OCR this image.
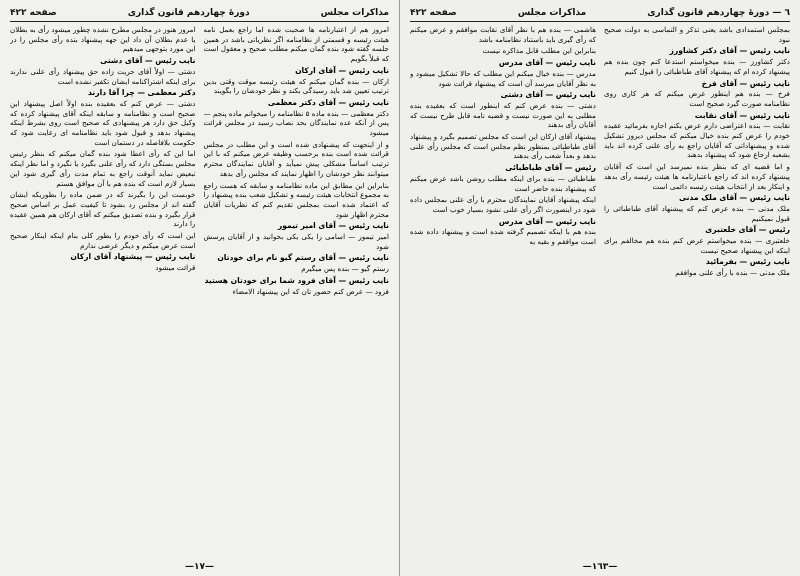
مذاکرات مجلس
دورهٔ چهاردهم قانون گذاری
صفحه ۴۲۲

امروز هم از اعتبارنامه ها صحبت شده اما راجع بعمل نامه هیئت رئیسه و قسمتی از نظامنامه اگر نظریاتی باشد در همین جلسه گفته شود بنده گمان میکنم مطلب صحیح و معقول است که قبلاً بگویم

نایب رئیس — آقای ارکان

ارکان — بنده گمان میکنم که هیئت رئیسه موقت وقتی بدین ترتیب تعیین شد باید رسیدگی بکند و نظر خودشان را بگویند

نایب رئیس — آقای دکتر معظمی

دکتر معظمی — بنده ماده ۵ نظامنامه را میخوانم ماده پنجم — پس از آنکه عده نمایندگان بحد نصاب رسید در مجلس قرائت میشود

و از اینجهت که پیشنهادی شده است و این مطلب در مجلس قرائت شده است بنده برحسب وظیفه عرض میکنم که با این ترتیب اساساً مشکلی پیش نمیآید و آقایان نمایندگان محترم میتوانند نظر خودشان را اظهار نمایند که مجلس رأی بدهد

بنابراین این مطابق این ماده نظامنامه و سابقه که هست راجع به مجموع انتخابات هیئت رئیسه و تشکیل شعب بنده پیشنهاد را که اعتماد شده است بمجلس تقدیم کنم که نظریات آقایان محترم اظهار شود

نایب رئیس — آقای امیر تیمور

امیر تیمور — اسامی را یکی یکی بخوانید و از آقایان پرسش شود

نایب رئیس — آقای رستم گیو نام برای خودتان

رستم گیو — بنده پس میگیرم

نایب رئیس — آقای فرود شما برای خودتان هستید

فرود — عرض کنم حضور تان که این پیشنهاد الامضاء

امروز هنوز در مجلس مطرح نشده چطور میشود رأی به بطلان یا عدم بطلان آن داد این جهه پیشنهاد بنده رأی مجلس را در این مورد بتوجهی میدهیم

نایب رئیس — آقای دشتی

دشتی — اولاً آقای حریت زاده حق پیشنهاد رأی علنی ندارند برای اینکه اشتراکنامه ایشان تکفیر نشده است

دکتر معظمی — چرا آقا دارند

دشتی — عرض کنم که بعقیده بنده اولاً اصل پیشنهاد این صحیح است و نظامنامه و سابقه اینکه آقای پیشنهاد کرده که وکیل حق دارد هر پیشنهادی که صحیح است روی بشرط اینکه پیشنهاد بدهد و قبول شود باید نظامنامه ای رعایت شود که حکومت بلافاصله در دستمان است

اما این که رأی اعطا شود بنده گمان میکنم که بنظر رئیس مجلس بستگی دارد که رأی علنی بگیرد یا نگیرد و اما نظر اینکه تبعیض نماید آنوقت راجع به تمام مدت رأی گیری شود این بسیار لازم است که بنده هم با آن موافق هستم

خوبست این را بگیرند که در ضمن ماده را بطوریکه ایشان گفته اند از مجلس رد بشود تا کیفیت عمل بر اساس صحیح قرار بگیرد و بنده تصدیق میکنم که آقای ارکان هم همین عقیده را دارند

این است که رأی خودم را بطور کلی بنام اینکه اینکار صحیح است عرض میکنم و دیگر عرضی ندارم

نایب رئیس — پیشنهاد آقای ارکان

قرائت میشود

—١٧—
٦ — دورهٔ چهاردهم قانون گذاری
مذاکرات مجلس
صفحه ۴۲۲

بمجلس استمدادی باشد یعنی تذکر و التماسی به دولت صحیح نبود

نایب رئیس — آقای دکتر کشاورز

دکتر کشاورز — بنده میخواستم استدعا کنم چون بنده هم پیشنهاد کرده ام که پیشنهاد آقای طباطبائی را قبول کنیم

نایب رئیس — آقای فرخ

فرخ — بنده هم اینطور عرض میکنم که هر کاری روی نظامنامه صورت گیرد صحیح است

نایب رئیس — آقای نقابت

نقابت — بنده اعتراضی دارم عرض بکنم اجازه بفرمائید عقیده خودم را عرض کنم بنده خیال میکنم که مجلس دیروز تشکیل شده و پیشنهاداتی که آقایان راجع به رأی علنی کرده اند باید بشعبه ارجاع شود که پیشنهاد بدهند

و اما قضیه ای که بنظر بنده نمیرسد این است که آقایان پیشنهاد کرده اند که راجع باعتبارنامه ها هیئت رئیسه رأی بدهد و اینکار بعد از انتخاب هیئت رئیسه دائمی است

نایب رئیس — آقای ملک مدنی

ملک مدنی — بنده عرض کنم که پیشنهاد آقای طباطبائی را قبول نمیکنیم

رئیس — آقای خلعتبری

خلعتبری — بنده میخواستم عرض کنم بنده هم مخالفم برای اینکه این پیشنهاد صحیح نیست

نایب رئیس — بفرمائید

ملک مدنی — بنده با رأی علنی موافقم

هاشمی — بنده هم با نظر آقای نقابت موافقم و عرض میکنم که رأی گیری باید باستناد نظامنامه باشد

بنابراین این مطلب قابل مذاکره نیست

نایب رئیس — آقای مدرس

مدرس — بنده خیال میکنم این مطلب که حالا تشکیل میشود و به نظر آقایان میرسد آن است که پیشنهاد قرائت شود

نایب رئیس — آقای دشتی

دشتی — بنده عرض کنم که اینطور است که بعقیده بنده مطلبی به این صورت نیست و قضیه نامه قابل طرح نیست که آقایان رأی بدهند

پیشنهاد آقای ارکان این است که مجلس تصمیم بگیرد و پیشنهاد آقای طباطبائی بمنظور نظم مجلس است که مجلس رأی علنی بدهد و بعداً شعب رأی بدهند

رئیس — آقای طباطبائی

طباطبائی — بنده برای اینکه مطلب روشن باشد عرض میکنم که پیشنهاد بنده حاضر است

اینکه پیشنهاد آقایان نمایندگان محترم با رأی علنی بمجلس داده شود در اینصورت اگر رأی علنی نشود بسیار خوب است

نایب رئیس — آقای مدرس

بنده هم با اینکه تصمیم گرفته شده است و پیشنهاد داده شده است موافقم و بقیه به

—١٦٣—
